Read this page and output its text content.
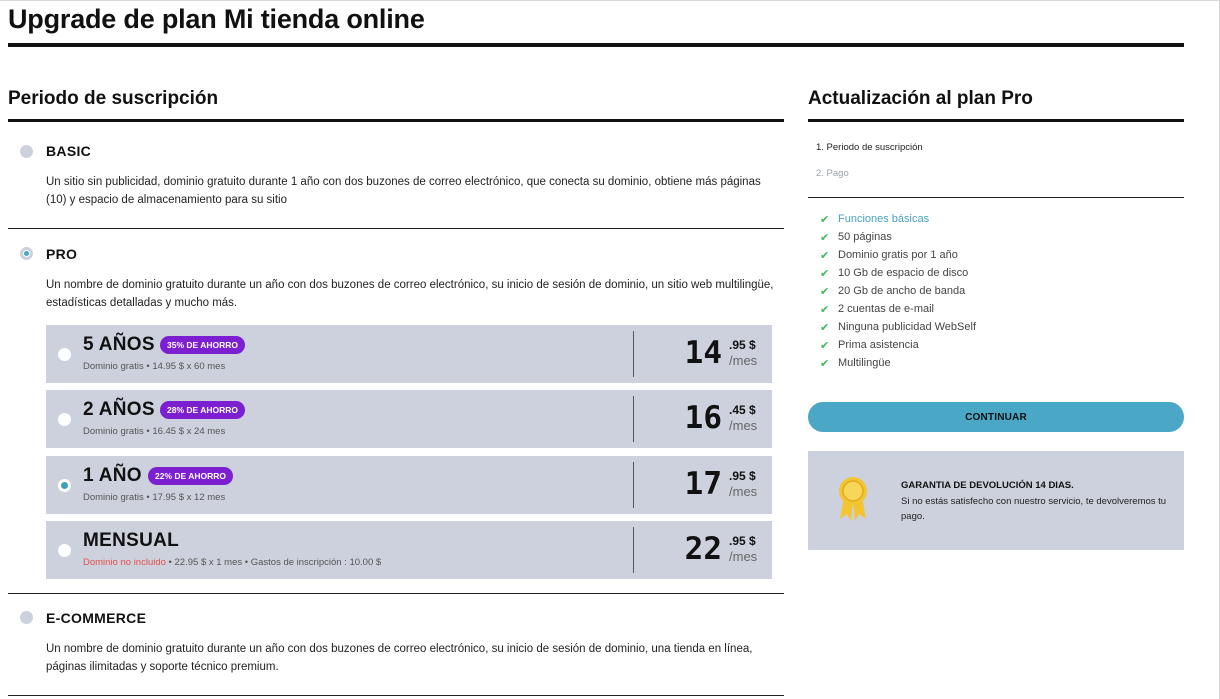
Upgrade de plan Mi tienda online
Periodo de suscripción
BASIC
Un sitio sin publicidad, dominio gratuito durante 1 año con dos buzones de correo electrónico, que conecta su dominio, obtiene más páginas (10) y espacio de almacenamiento para su sitio
PRO
Un nombre de dominio gratuito durante un año con dos buzones de correo electrónico, su inicio de sesión de dominio, un sitio web multilingüe, estadísticas detalladas y mucho más.
5 AÑOS	35% DE AHORRO
Dominio gratis • 14.95 $ x 60 mes	14 .95 $
/mes
2 AÑOS	28% DE AHORRO
Dominio gratis • 16.45 $ x 24 mes	16 .45 $
/mes
1 AÑO	22% DE AHORRO
Dominio gratis • 17.95 $ x 12 mes	17 .95 $
/mes
MENSUAL
Dominio no incluido • 22.95 $ x 1 mes • Gastos de inscripción : 10.00 $	22 .95 $
/mes
E-COMMERCE
Un nombre de dominio gratuito durante un año con dos buzones de correo electrónico, su inicio de sesión de dominio, una tienda en línea, páginas ilimitadas y soporte técnico premium.
Actualización al plan Pro
1. Periodo de suscripción
2. Pago
✔ Funciones básicas
✔ 50 páginas
✔ Dominio gratis por 1 año
✔ 10 Gb de espacio de disco
✔ 20 Gb de ancho de banda
✔ 2 cuentas de e-mail
✔ Ninguna publicidad WebSelf
✔ Prima asistencia
✔ Multilingüe
CONTINUAR
GARANTIA DE DEVOLUCIÓN 14 DIAS.
Si no estás satisfecho con nuestro servicio, te devolveremos tu pago.
